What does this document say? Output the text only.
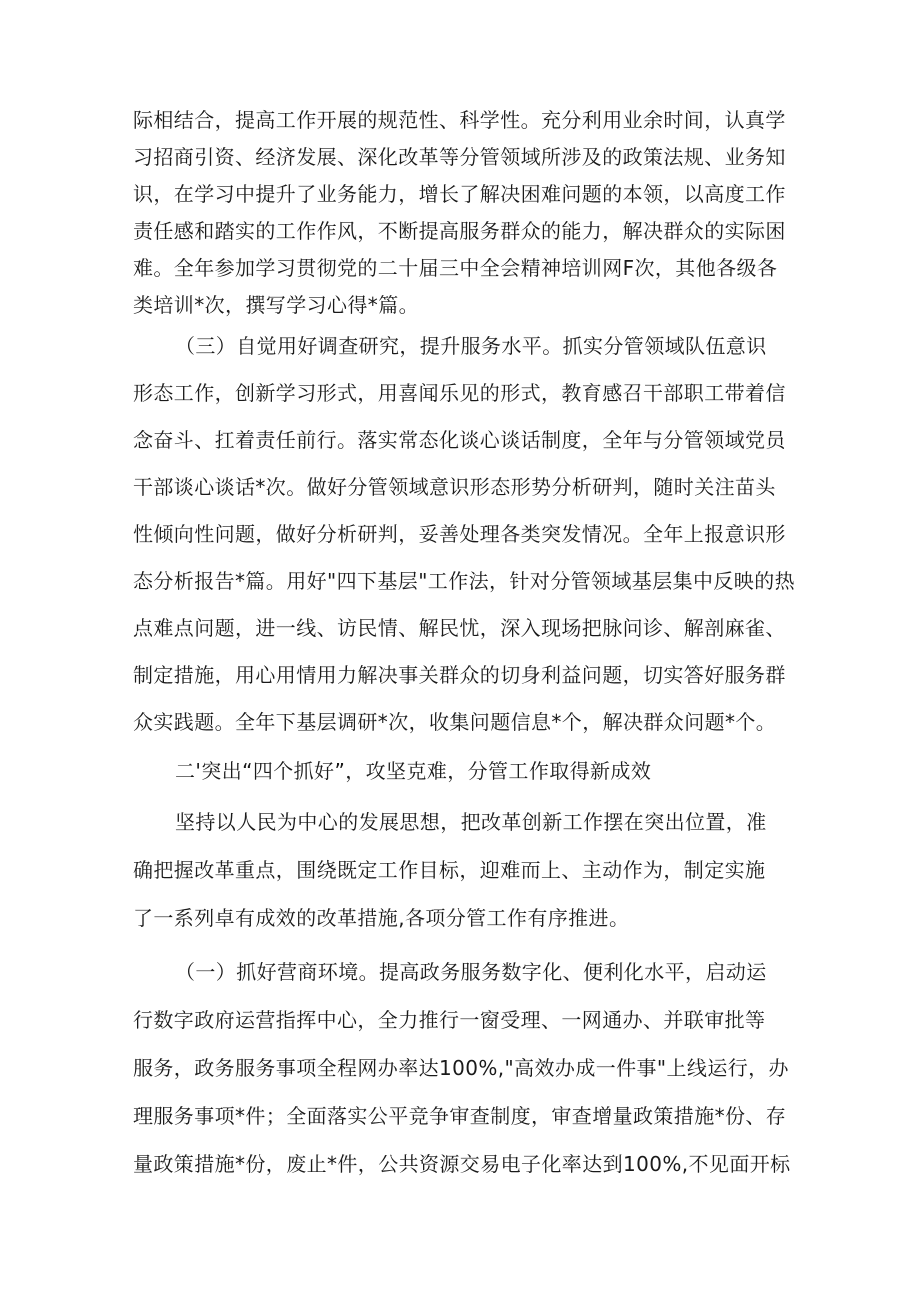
际相结合，提高工作开展的规范性、科学性。充分利用业余时间，认真学
习招商引资、经济发展、深化改革等分管领域所涉及的政策法规、业务知
识，在学习中提升了业务能力，增长了解决困难问题的本领，以高度工作
责任感和踏实的工作作风，不断提高服务群众的能力，解决群众的实际困
难。全年参加学习贯彻党的二十届三中全会精神培训网F次，其他各级各
类培训*次，撰写学习心得*篇。
（三）自觉用好调查研究，提升服务水平。抓实分管领域队伍意识
形态工作，创新学习形式，用喜闻乐见的形式，教育感召干部职工带着信
念奋斗、扛着责任前行。落实常态化谈心谈话制度，全年与分管领域党员
干部谈心谈话*次。做好分管领域意识形态形势分析研判，随时关注苗头
性倾向性问题，做好分析研判，妥善处理各类突发情况。全年上报意识形
态分析报告*篇。用好"四下基层"工作法，针对分管领域基层集中反映的热
点难点问题，进一线、访民情、解民忧，深入现场把脉问诊、解剖麻雀、
制定措施，用心用情用力解决事关群众的切身利益问题，切实答好服务群
众实践题。全年下基层调研*次，收集问题信息*个，解决群众问题*个。
二'突出“四个抓好”，攻坚克难，分管工作取得新成效
坚持以人民为中心的发展思想，把改革创新工作摆在突出位置，准
确把握改革重点，围绕既定工作目标，迎难而上、主动作为，制定实施
了一系列卓有成效的改革措施,各项分管工作有序推进。
（一）抓好营商环境。提高政务服务数字化、便利化水平，启动运
行数字政府运营指挥中心，全力推行一窗受理、一网通办、并联审批等
服务，政务服务事项全程网办率达100%,"高效办成一件事"上线运行，办
理服务事项*件；全面落实公平竞争审查制度，审查增量政策措施*份、存
量政策措施*份，废止*件，公共资源交易电子化率达到100%,不见面开标
